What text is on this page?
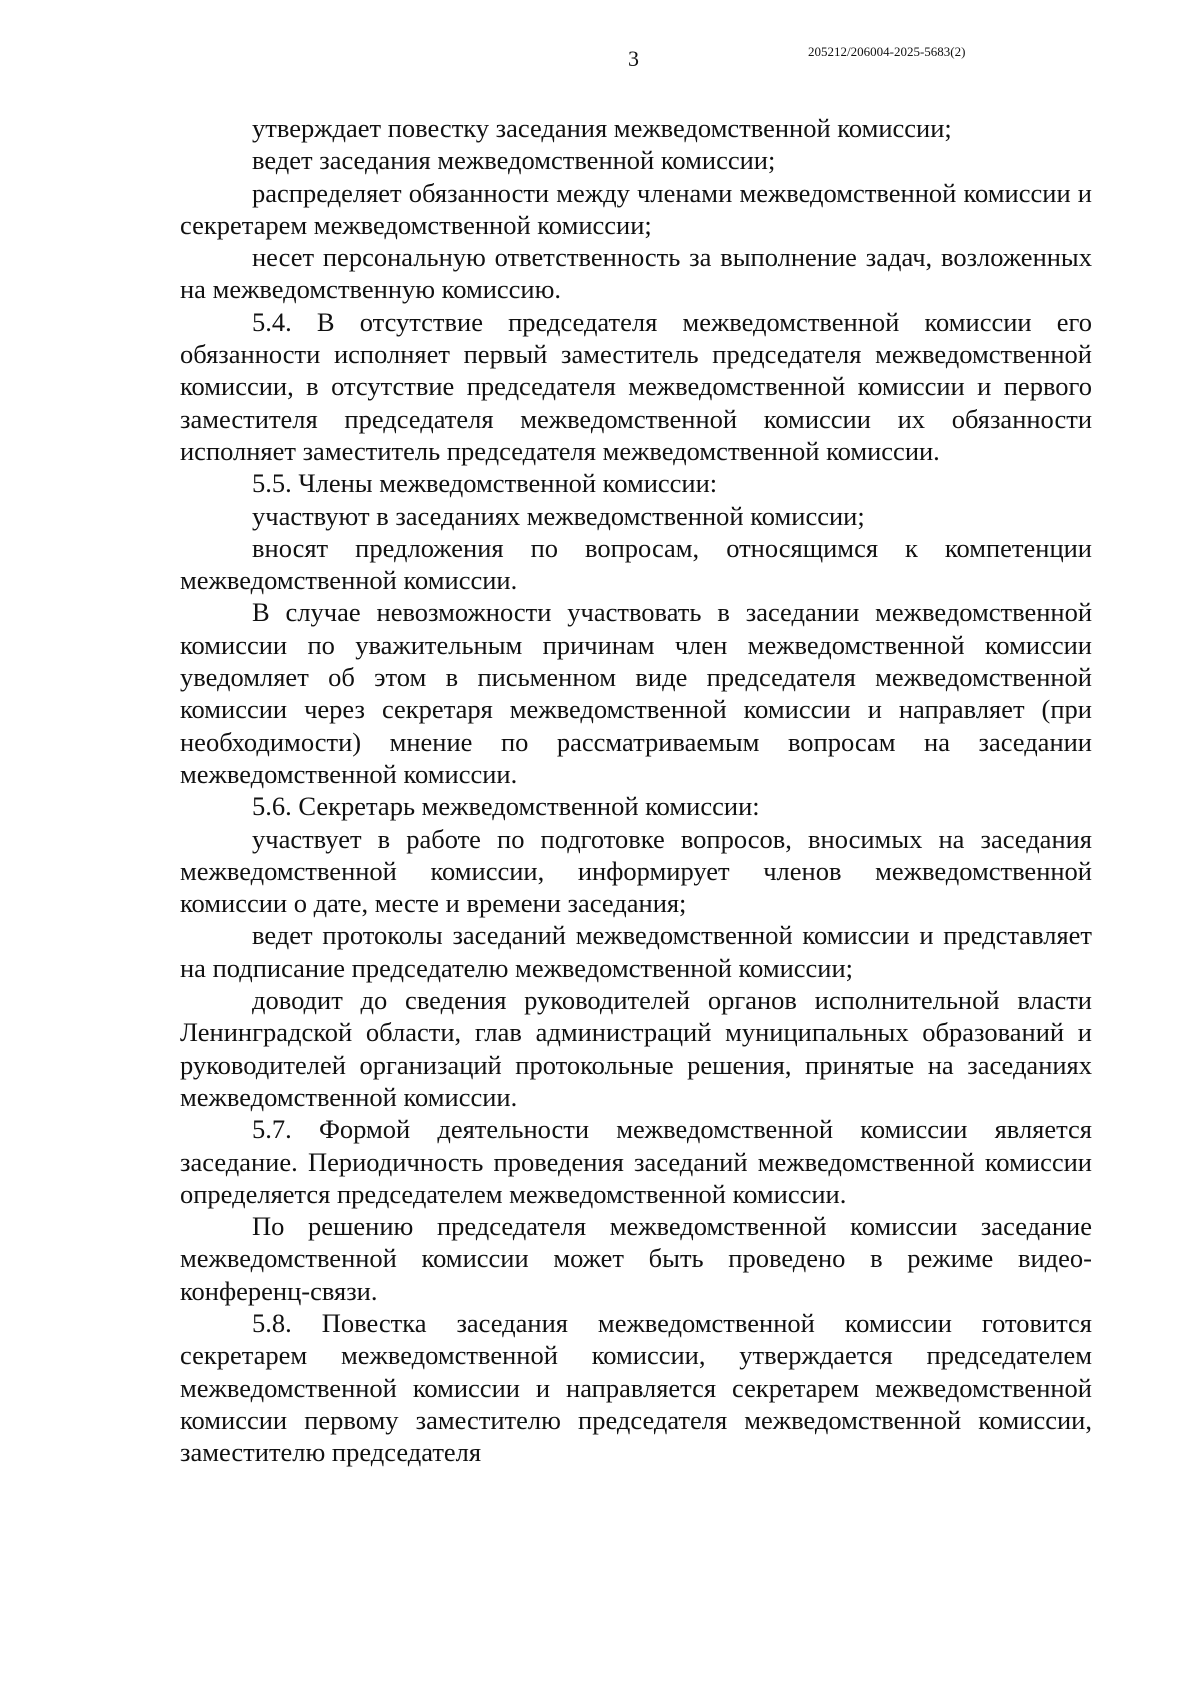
3	205212/206004-2025-5683(2)

утверждает повестку заседания межведомственной комиссии;

ведет заседания межведомственной комиссии;

распределяет обязанности между членами межведомственной комиссии и секретарем межведомственной комиссии;

несет персональную ответственность за выполнение задач, возложенных на межведомственную комиссию.

5.4. В отсутствие председателя межведомственной комиссии его обязанности исполняет первый заместитель председателя межведомственной комиссии, в отсутствие председателя межведомственной комиссии и первого заместителя председателя межведомственной комиссии их обязанности исполняет заместитель председателя межведомственной комиссии.

5.5. Члены межведомственной комиссии:

участвуют в заседаниях межведомственной комиссии;

вносят предложения по вопросам, относящимся к компетенции межведомственной комиссии.

В случае невозможности участвовать в заседании межведомственной комиссии по уважительным причинам член межведомственной комиссии уведомляет об этом в письменном виде председателя межведомственной комиссии через секретаря межведомственной комиссии и направляет (при необходимости) мнение по рассматриваемым вопросам на заседании межведомственной комиссии.

5.6. Секретарь межведомственной комиссии:

участвует в работе по подготовке вопросов, вносимых на заседания межведомственной комиссии, информирует членов межведомственной комиссии о дате, месте и времени заседания;

ведет протоколы заседаний межведомственной комиссии и представляет на подписание председателю межведомственной комиссии;

доводит до сведения руководителей органов исполнительной власти Ленинградской области, глав администраций муниципальных образований и руководителей организаций протокольные решения, принятые на заседаниях межведомственной комиссии.

5.7. Формой деятельности межведомственной комиссии является заседание. Периодичность проведения заседаний межведомственной комиссии определяется председателем межведомственной комиссии.

По решению председателя межведомственной комиссии заседание межведомственной комиссии может быть проведено в режиме видео-конференц-связи.

5.8. Повестка заседания межведомственной комиссии готовится секретарем межведомственной комиссии, утверждается председателем межведомственной комиссии и направляется секретарем межведомственной комиссии первому заместителю председателя межведомственной комиссии, заместителю председателя
